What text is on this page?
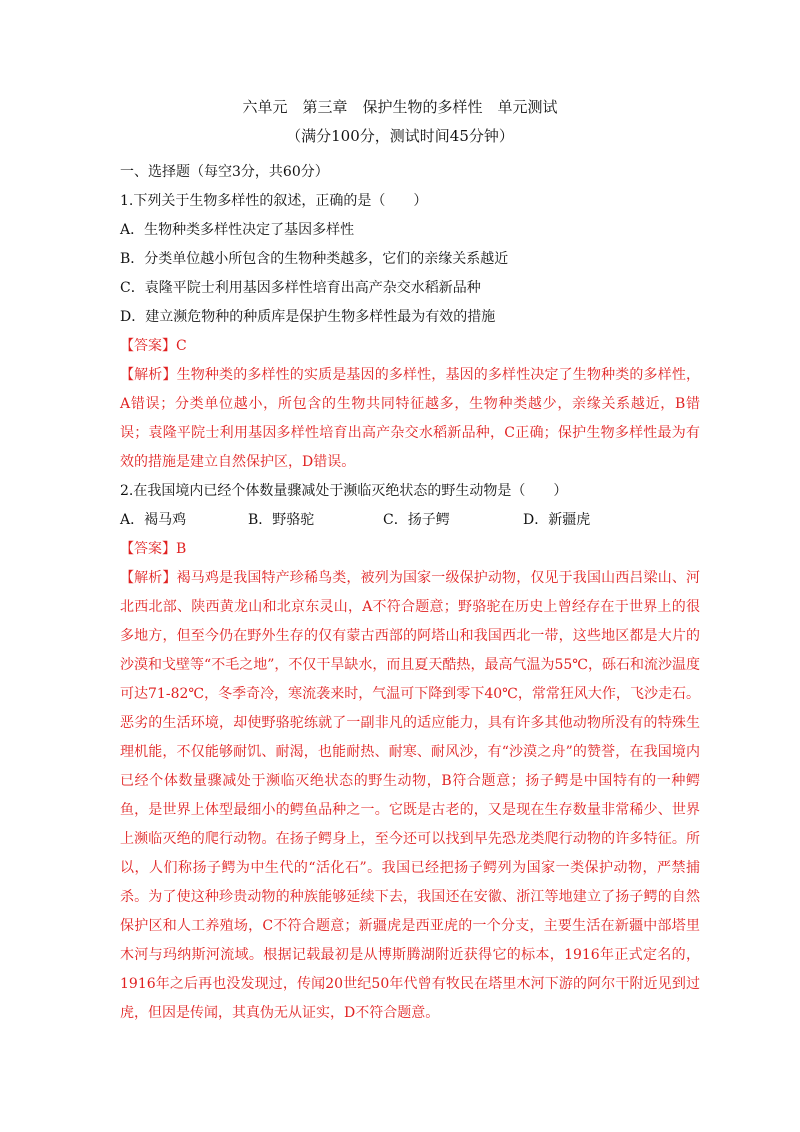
六单元　第三章　保护生物的多样性　单元测试
（满分100分，测试时间45分钟）
一、选择题（每空3分，共60分）
1.下列关于生物多样性的叙述，正确的是（　　）
A．生物种类多样性决定了基因多样性
B．分类单位越小所包含的生物种类越多，它们的亲缘关系越近
C．袁隆平院士利用基因多样性培育出高产杂交水稻新品种
D．建立濒危物种的种质库是保护生物多样性最为有效的措施
【答案】C
【解析】生物种类的多样性的实质是基因的多样性，基因的多样性决定了生物种类的多样性，A错误；分类单位越小，所包含的生物共同特征越多，生物种类越少，亲缘关系越近，B错误；袁隆平院士利用基因多样性培育出高产杂交水稻新品种，C正确；保护生物多样性最为有效的措施是建立自然保护区，D错误。
2.在我国境内已经个体数量骤减处于濒临灭绝状态的野生动物是（　　）
A．褐马鸡	B．野骆驼	C．扬子鳄	D．新疆虎
【答案】B
【解析】褐马鸡是我国特产珍稀鸟类，被列为国家一级保护动物，仅见于我国山西吕梁山、河北西北部、陕西黄龙山和北京东灵山，A不符合题意；野骆驼在历史上曾经存在于世界上的很多地方，但至今仍在野外生存的仅有蒙古西部的阿塔山和我国西北一带，这些地区都是大片的沙漠和戈壁等“不毛之地”，不仅干旱缺水，而且夏天酷热，最高气温为55℃，砾石和流沙温度可达71-82℃，冬季奇冷，寒流袭来时，气温可下降到零下40℃，常常狂风大作，飞沙走石。恶劣的生活环境，却使野骆驼练就了一副非凡的适应能力，具有许多其他动物所没有的特殊生理机能，不仅能够耐饥、耐渴，也能耐热、耐寒、耐风沙，有“沙漠之舟”的赞誉，在我国境内已经个体数量骤减处于濒临灭绝状态的野生动物，B符合题意；扬子鳄是中国特有的一种鳄鱼，是世界上体型最细小的鳄鱼品种之一。它既是古老的，又是现在生存数量非常稀少、世界上濒临灭绝的爬行动物。在扬子鳄身上，至今还可以找到早先恐龙类爬行动物的许多特征。所以，人们称扬子鳄为中生代的“活化石”。我国已经把扬子鳄列为国家一类保护动物，严禁捕杀。为了使这种珍贵动物的种族能够延续下去，我国还在安徽、浙江等地建立了扬子鳄的自然保护区和人工养殖场，C不符合题意；新疆虎是西亚虎的一个分支，主要生活在新疆中部塔里木河与玛纳斯河流域。根据记载最初是从博斯腾湖附近获得它的标本，1916年正式定名的，1916年之后再也没发现过，传闻20世纪50年代曾有牧民在塔里木河下游的阿尔干附近见到过虎，但因是传闻，其真伪无从证实，D不符合题意。
